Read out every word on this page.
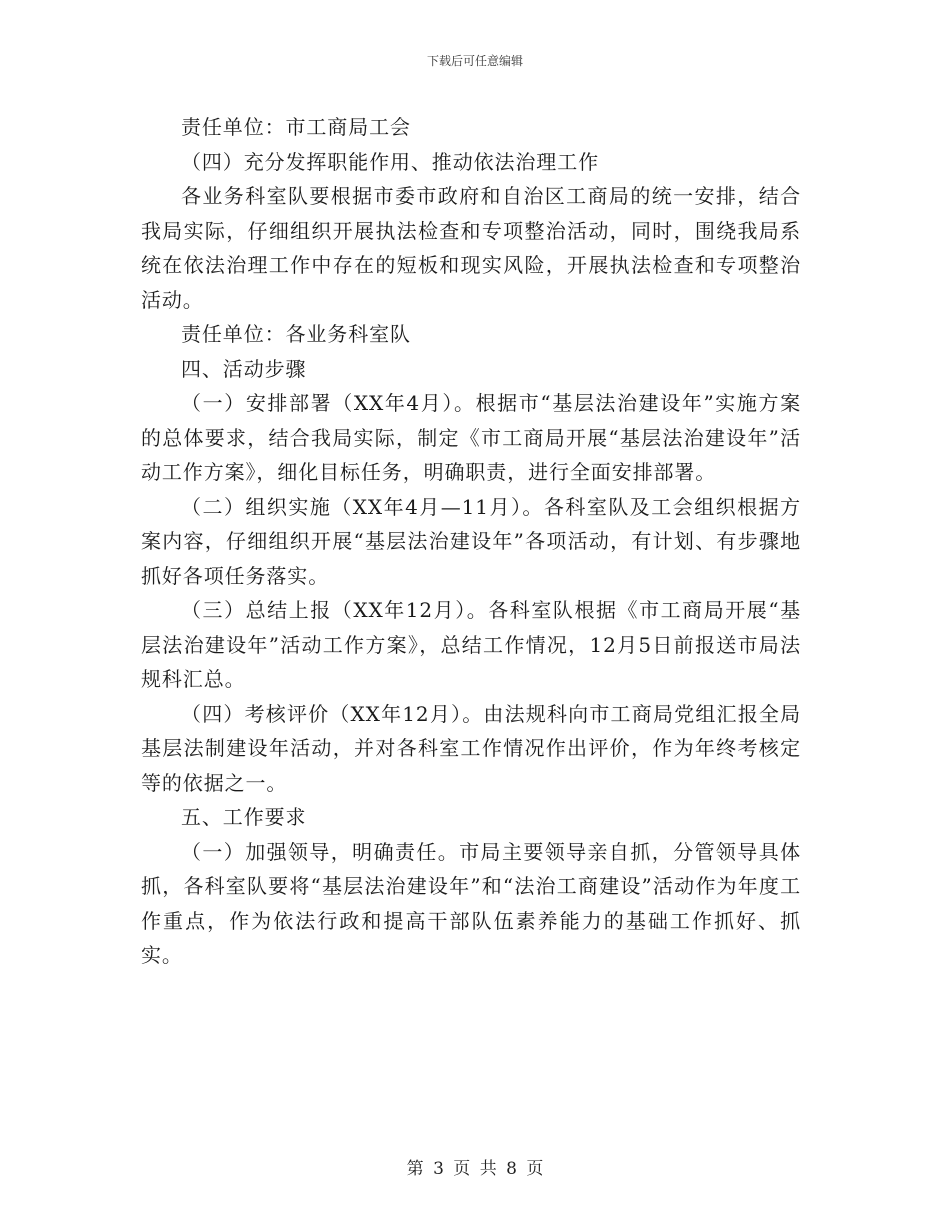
下载后可任意编辑

责任单位：市工商局工会

（四）充分发挥职能作用、推动依法治理工作

各业务科室队要根据市委市政府和自治区工商局的统一安排，结合我局实际，仔细组织开展执法检查和专项整治活动，同时，围绕我局系统在依法治理工作中存在的短板和现实风险，开展执法检查和专项整治活动。

责任单位：各业务科室队

四、活动步骤

（一）安排部署（XX年4月）。根据市“基层法治建设年”实施方案的总体要求，结合我局实际，制定《市工商局开展“基层法治建设年”活动工作方案》，细化目标任务，明确职责，进行全面安排部署。

（二）组织实施（XX年4月—11月）。各科室队及工会组织根据方案内容，仔细组织开展“基层法治建设年”各项活动，有计划、有步骤地抓好各项任务落实。

（三）总结上报（XX年12月）。各科室队根据《市工商局开展“基层法治建设年”活动工作方案》，总结工作情况，12月5日前报送市局法规科汇总。

（四）考核评价（XX年12月）。由法规科向市工商局党组汇报全局基层法制建设年活动，并对各科室工作情况作出评价，作为年终考核定等的依据之一。

五、工作要求

（一）加强领导，明确责任。市局主要领导亲自抓，分管领导具体抓，各科室队要将“基层法治建设年”和“法治工商建设”活动作为年度工作重点，作为依法行政和提高干部队伍素养能力的基础工作抓好、抓实。

第 3 页 共 8 页
